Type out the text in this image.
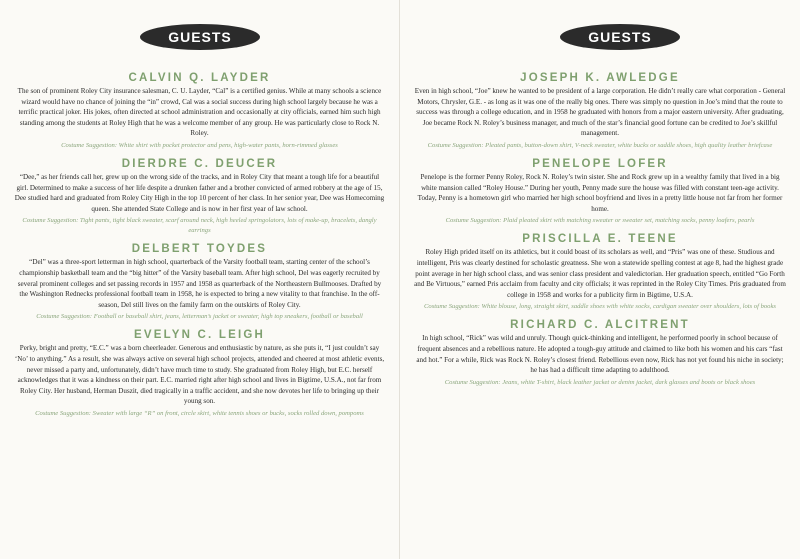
GUESTS
CALVIN Q. LAYDER

The son of prominent Roley City insurance salesman, C. U. Layder, “Cal” is a certified genius. While at many schools a science wizard would have no chance of joining the “in” crowd, Cal was a social success during high school largely because he was a terrific practical joker. His jokes, often directed at school administration and occasionally at city officials, earned him such high standing among the students at Roley High that he was a welcome member of any group. He was particularly close to Rock N. Roley.

Costume Suggestion: White shirt with pocket protector and pens, high-water pants, horn-rimmed glasses

DIERDRE C. DEUCER

“Dee,” as her friends call her, grew up on the wrong side of the tracks, and in Roley City that meant a tough life for a beautiful girl. Determined to make a success of her life despite a drunken father and a brother convicted of armed robbery at the age of 15, Dee studied hard and graduated from Roley City High in the top 10 percent of her class. In her senior year, Dee was Homecoming queen. She attended State College and is now in her first year of law school.

Costume Suggestion: Tight pants, tight black sweater, scarf around neck, high heeled springolators, lots of make-up, bracelets, dangly earrings

DELBERT TOYDES

“Del” was a three-sport letterman in high school, quarterback of the Varsity football team, starting center of the school’s championship basketball team and the “big hitter” of the Varsity baseball team. After high school, Del was eagerly recruited by several prominent colleges and set passing records in 1957 and 1958 as quarterback of the Northeastern Bullmooses. Drafted by the Washington Rednecks professional football team in 1958, he is expected to bring a new vitality to that franchise. In the off-season, Del still lives on the family farm on the outskirts of Roley City.

Costume Suggestion: Football or baseball shirt, jeans, letterman’s jacket or sweater, high top sneakers, football or baseball

EVELYN C. LEIGH

Perky, bright and pretty, “E.C.” was a born cheerleader. Generous and enthusiastic by nature, as she puts it, “I just couldn’t say ‘No’ to anything.” As a result, she was always active on several high school projects, attended and cheered at most athletic events, never missed a party and, unfortunately, didn’t have much time to study. She graduated from Roley High, but E.C. herself acknowledges that it was a kindness on their part. E.C. married right after high school and lives in Bigtime, U.S.A., not far from Roley City. Her husband, Herman Duszit, died tragically in a traffic accident, and she now devotes her life to bringing up their young son.

Costume Suggestion: Sweater with large “R” on front, circle skirt, white tennis shoes or bucks, socks rolled down, pompoms

GUESTS
JOSEPH K. AWLEDGE

Even in high school, “Joe” knew he wanted to be president of a large corporation. He didn’t really care what corporation - General Motors, Chrysler, G.E. - as long as it was one of the really big ones. There was simply no question in Joe’s mind that the route to success was through a college education, and in 1958 he graduated with honors from a major eastern university. After graduating, Joe became Rock N. Roley’s business manager, and much of the star’s financial good fortune can be credited to Joe’s skillful management.

Costume Suggestion: Pleated pants, button-down shirt, V-neck sweater, white bucks or saddle shoes, high quality leather briefcase

PENELOPE LOFER

Penelope is the former Penny Roley, Rock N. Roley’s twin sister. She and Rock grew up in a wealthy family that lived in a big white mansion called “Roley House.” During her youth, Penny made sure the house was filled with constant teen-age activity. Today, Penny is a hometown girl who married her high school boyfriend and lives in a pretty little house not far from her former home.

Costume Suggestion: Plaid pleated skirt with matching sweater or sweater set, matching socks, penny loafers, pearls

PRISCILLA E. TEENE

Roley High prided itself on its athletics, but it could boast of its scholars as well, and “Pris” was one of these. Studious and intelligent, Pris was clearly destined for scholastic greatness. She won a statewide spelling contest at age 8, had the highest grade point average in her high school class, and was senior class president and valedictorian. Her graduation speech, entitled “Go Forth and Be Virtuous,” earned Pris acclaim from faculty and city officials; it was reprinted in the Roley City Times. Pris graduated from college in 1958 and works for a publicity firm in Bigtime, U.S.A.

Costume Suggestion: White blouse, long, straight skirt, saddle shoes with white socks, cardigan sweater over shoulders, lots of books

RICHARD C. ALCITRENT

In high school, “Rick” was wild and unruly. Though quick-thinking and intelligent, he performed poorly in school because of frequent absences and a rebellious nature. He adopted a tough-guy attitude and claimed to like both his women and his cars “fast and hot.” For a while, Rick was Rock N. Roley’s closest friend. Rebellious even now, Rick has not yet found his niche in society; he has had a difficult time adapting to adulthood.

Costume Suggestion: Jeans, white T-shirt, black leather jacket or denim jacket, dark glasses and boots or black shoes
